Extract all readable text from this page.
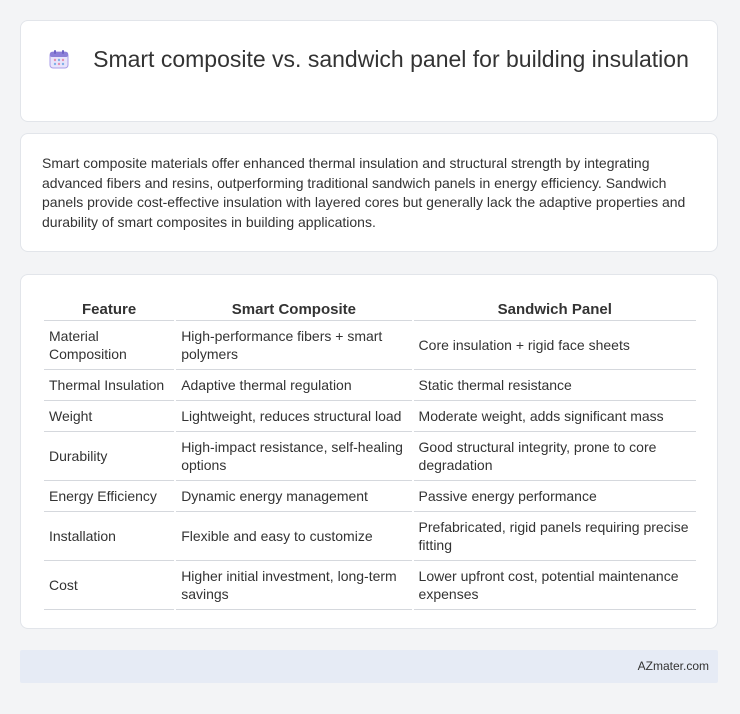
Smart composite vs. sandwich panel for building insulation

Smart composite materials offer enhanced thermal insulation and structural strength by integrating advanced fibers and resins, outperforming traditional sandwich panels in energy efficiency. Sandwich panels provide cost-effective insulation with layered cores but generally lack the adaptive properties and durability of smart composites in building applications.

Feature	Smart Composite	Sandwich Panel
Material Composition	High-performance fibers + smart polymers	Core insulation + rigid face sheets
Thermal Insulation	Adaptive thermal regulation	Static thermal resistance
Weight	Lightweight, reduces structural load	Moderate weight, adds significant mass
Durability	High-impact resistance, self-healing options	Good structural integrity, prone to core degradation
Energy Efficiency	Dynamic energy management	Passive energy performance
Installation	Flexible and easy to customize	Prefabricated, rigid panels requiring precise fitting
Cost	Higher initial investment, long-term savings	Lower upfront cost, potential maintenance expenses
AZmater.com
